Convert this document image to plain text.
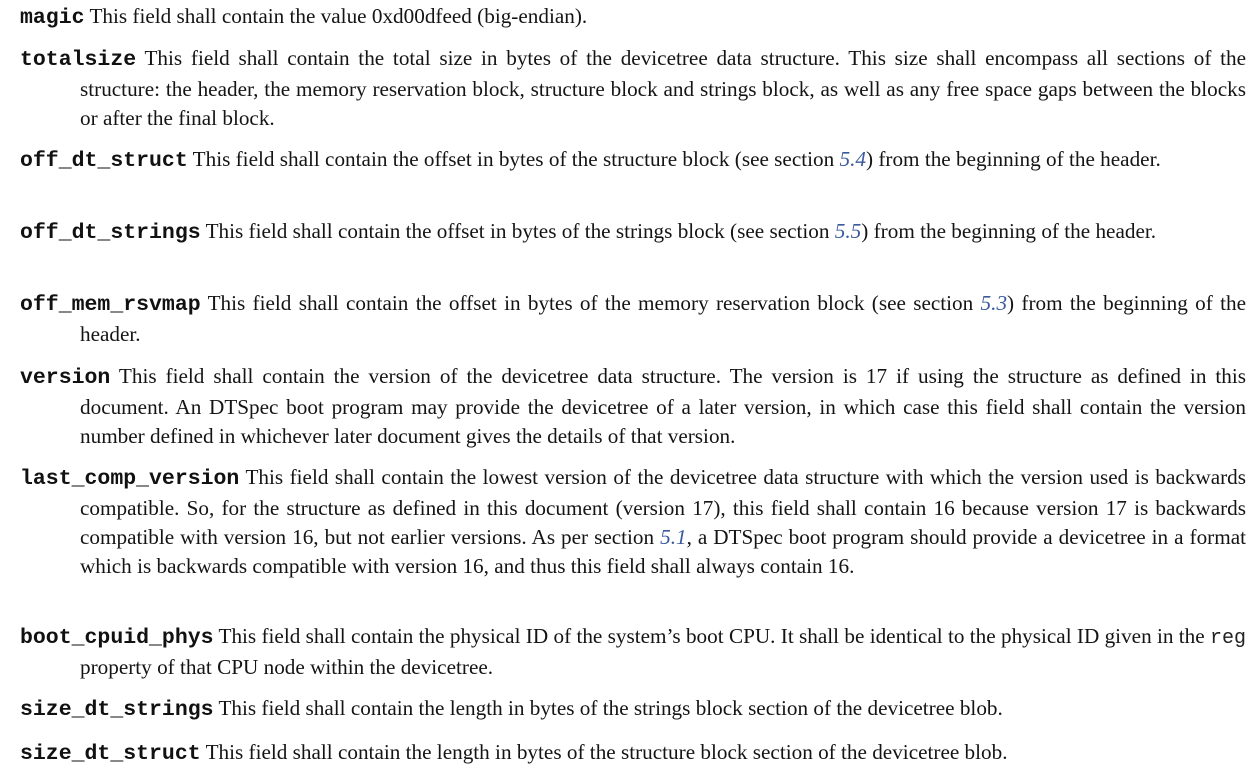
magic This field shall contain the value 0xd00dfeed (big-endian).

totalsize This field shall contain the total size in bytes of the devicetree data structure. This size shall encompass all sections of the structure: the header, the memory reservation block, structure block and strings block, as well as any free space gaps between the blocks or after the final block.

off_dt_struct This field shall contain the offset in bytes of the structure block (see section 5.4) from the beginning of the header.

off_dt_strings This field shall contain the offset in bytes of the strings block (see section 5.5) from the beginning of the header.

off_mem_rsvmap This field shall contain the offset in bytes of the memory reservation block (see section 5.3) from the beginning of the header.

version This field shall contain the version of the devicetree data structure. The version is 17 if using the structure as defined in this document. An DTSpec boot program may provide the devicetree of a later version, in which case this field shall contain the version number defined in whichever later document gives the details of that version.

last_comp_version This field shall contain the lowest version of the devicetree data structure with which the version used is backwards compatible. So, for the structure as defined in this document (version 17), this field shall contain 16 because version 17 is backwards compatible with version 16, but not earlier versions. As per section 5.1, a DTSpec boot program should provide a devicetree in a format which is backwards compatible with version 16, and thus this field shall always contain 16.

boot_cpuid_phys This field shall contain the physical ID of the system’s boot CPU. It shall be identical to the physical ID given in the reg property of that CPU node within the devicetree.

size_dt_strings This field shall contain the length in bytes of the strings block section of the devicetree blob.

size_dt_struct This field shall contain the length in bytes of the structure block section of the devicetree blob.
